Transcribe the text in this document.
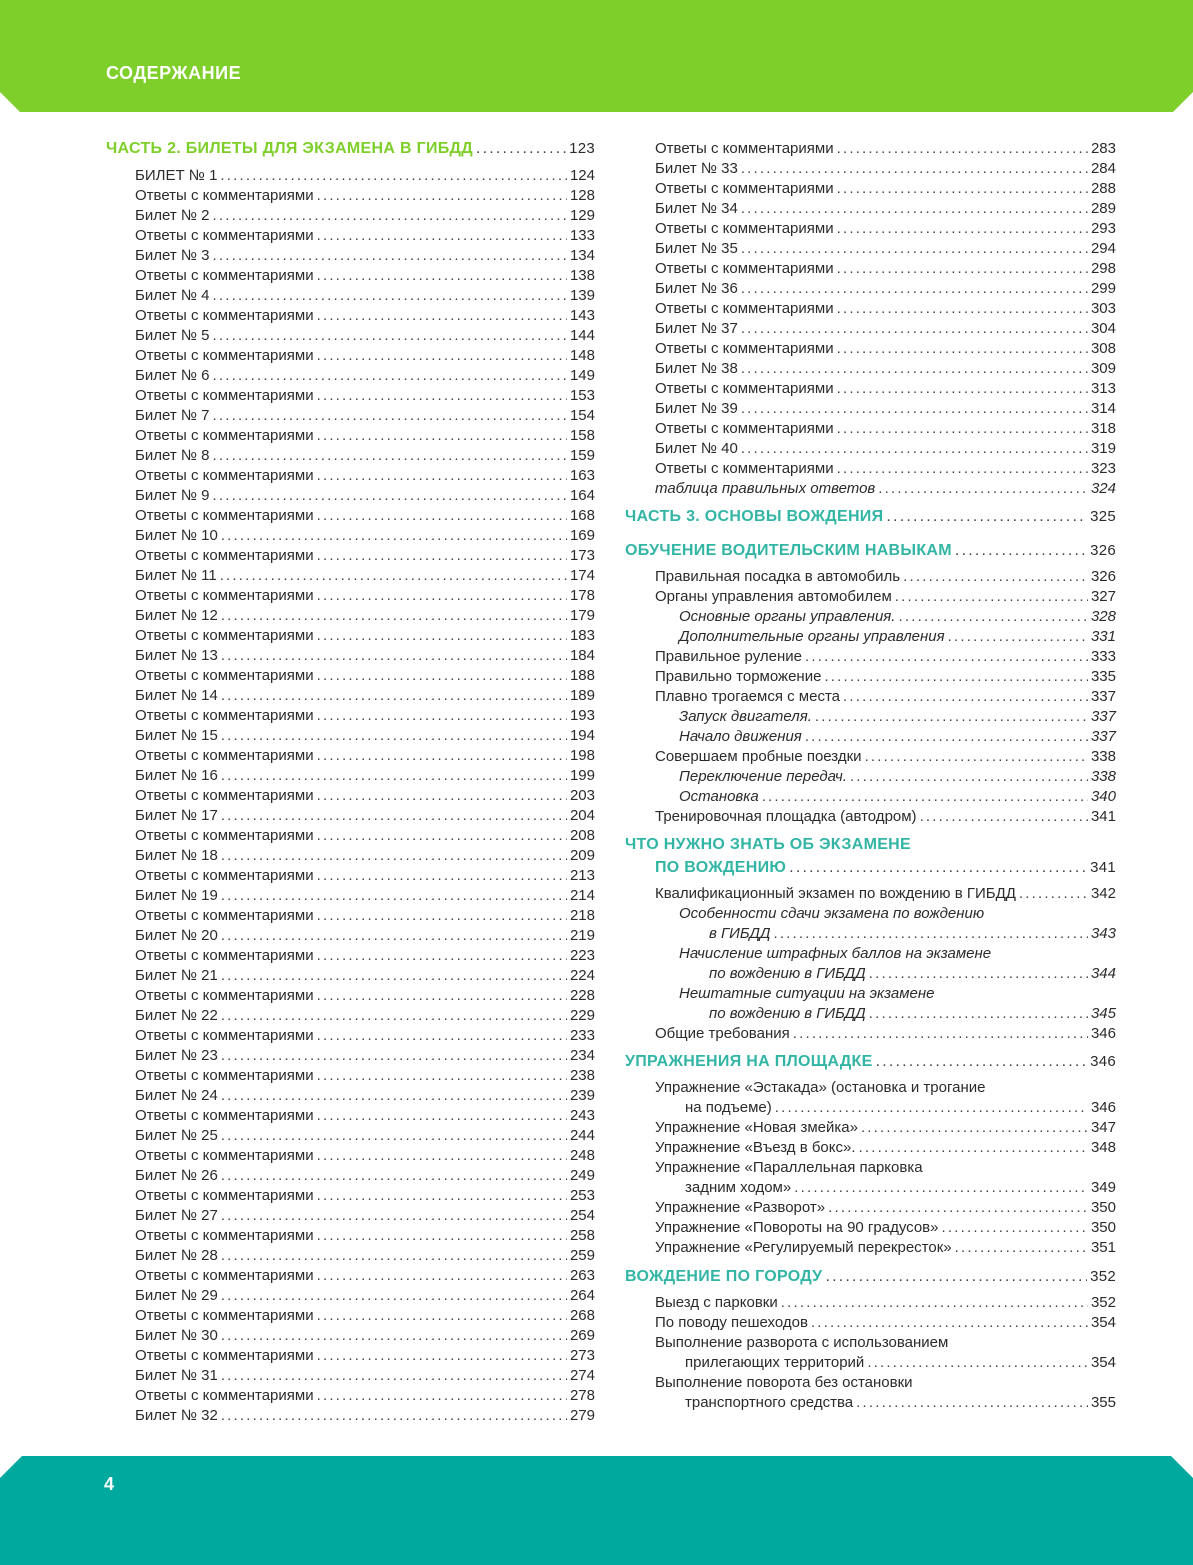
СОДЕРЖАНИЕ
ЧАСТЬ 2. БИЛЕТЫ ДЛЯ ЭКЗАМЕНА В ГИБДД .....	123
БИЛЕТ № 1 .....	124
Ответы с комментариями .....	128
Билет № 2 .....	129
Ответы с комментариями .....	133
Билет № 3 .....	134
Ответы с комментариями .....	138
Билет № 4 .....	139
Ответы с комментариями .....	143
Билет № 5 .....	144
Ответы с комментариями .....	148
Билет № 6 .....	149
Ответы с комментариями .....	153
Билет № 7 .....	154
Ответы с комментариями .....	158
Билет № 8 .....	159
Ответы с комментариями .....	163
Билет № 9 .....	164
Ответы с комментариями .....	168
Билет № 10 .....	169
Ответы с комментариями .....	173
Билет № 11 .....	174
Ответы с комментариями .....	178
Билет № 12 .....	179
Ответы с комментариями .....	183
Билет № 13 .....	184
Ответы с комментариями .....	188
Билет № 14 .....	189
Ответы с комментариями .....	193
Билет № 15 .....	194
Ответы с комментариями .....	198
Билет № 16 .....	199
Ответы с комментариями .....	203
Билет № 17 .....	204
Ответы с комментариями .....	208
Билет № 18 .....	209
Ответы с комментариями .....	213
Билет № 19 .....	214
Ответы с комментариями .....	218
Билет № 20 .....	219
Ответы с комментариями .....	223
Билет № 21 .....	224
Ответы с комментариями .....	228
Билет № 22 .....	229
Ответы с комментариями .....	233
Билет № 23 .....	234
Ответы с комментариями .....	238
Билет № 24 .....	239
Ответы с комментариями .....	243
Билет № 25 .....	244
Ответы с комментариями .....	248
Билет № 26 .....	249
Ответы с комментариями .....	253
Билет № 27 .....	254
Ответы с комментариями .....	258
Билет № 28 .....	259
Ответы с комментариями .....	263
Билет № 29 .....	264
Ответы с комментариями .....	268
Билет № 30 .....	269
Ответы с комментариями .....	273
Билет № 31 .....	274
Ответы с комментариями .....	278
Билет № 32 .....	279
Ответы с комментариями .....	283
Билет № 33 .....	284
Ответы с комментариями .....	288
Билет № 34 .....	289
Ответы с комментариями .....	293
Билет № 35 .....	294
Ответы с комментариями .....	298
Билет № 36 .....	299
Ответы с комментариями .....	303
Билет № 37 .....	304
Ответы с комментариями .....	308
Билет № 38 .....	309
Ответы с комментариями .....	313
Билет № 39 .....	314
Ответы с комментариями .....	318
Билет № 40 .....	319
Ответы с комментариями .....	323
таблица правильных ответов .....	324
ЧАСТЬ 3. ОСНОВЫ ВОЖДЕНИЯ .....	325
ОБУЧЕНИЕ ВОДИТЕЛЬСКИМ НАВЫКАМ .....	326
Правильная посадка в автомобиль .....	326
Органы управления автомобилем .....	327
Основные органы управления. .....	328
Дополнительные органы управления .....	331
Правильное руление .....	333
Правильно торможение .....	335
Плавно трогаемся с места .....	337
Запуск двигателя. .....	337
Начало движения .....	337
Совершаем пробные поездки .....	338
Переключение передач. .....	338
Остановка .....	340
Тренировочная площадка (автодром) .....	341
ЧТО НУЖНО ЗНАТЬ ОБ ЭКЗАМЕНЕ
ПО ВОЖДЕНИЮ .....	341
Квалификационный экзамен по вождению в ГИБДД .....	342
Особенности сдачи экзамена по вождению
в ГИБДД .....	343
Начисление штрафных баллов на экзамене
по вождению в ГИБДД .....	344
Нештатные ситуации на экзамене
по вождению в ГИБДД .....	345
Общие требования .....	346
УПРАЖНЕНИЯ НА ПЛОЩАДКЕ .....	346
Упражнение «Эстакада» (остановка и трогание
на подъеме) .....	346
Упражнение «Новая змейка» .....	347
Упражнение «Въезд в бокс». .....	348
Упражнение «Параллельная парковка
задним ходом» .....	349
Упражнение «Разворот» .....	350
Упражнение «Повороты на 90 градусов» .....	350
Упражнение «Регулируемый перекресток» .....	351
ВОЖДЕНИЕ ПО ГОРОДУ .....	352
Выезд с парковки .....	352
По поводу пешеходов .....	354
Выполнение разворота с использованием
прилегающих территорий .....	354
Выполнение поворота без остановки
транспортного средства .....	355
4
